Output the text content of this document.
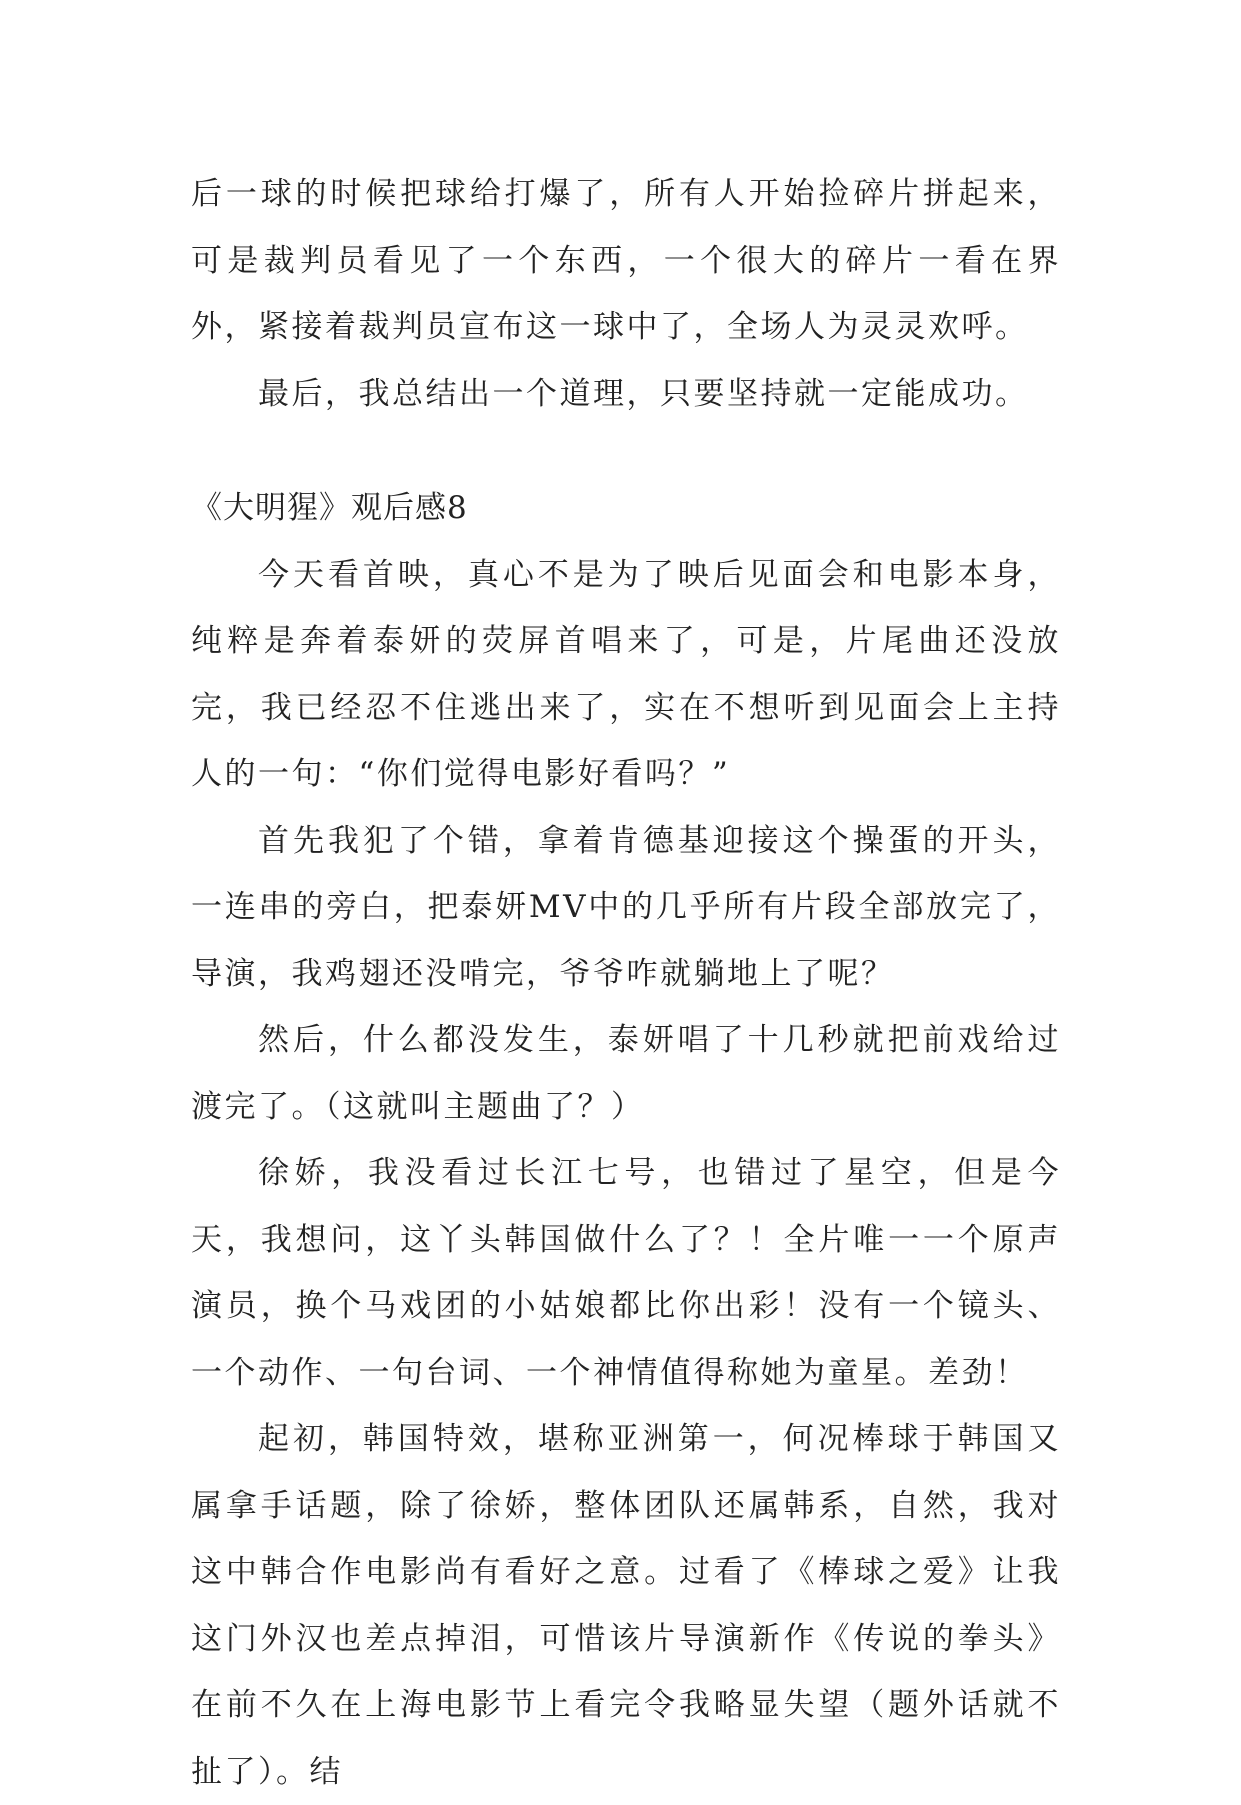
后一球的时候把球给打爆了，所有人开始捡碎片拼起来，可是裁判员看见了一个东西，一个很大的碎片一看在界外，紧接着裁判员宣布这一球中了，全场人为灵灵欢呼。

最后，我总结出一个道理，只要坚持就一定能成功。

《大明猩》观后感8

今天看首映，真心不是为了映后见面会和电影本身，纯粹是奔着泰妍的荧屏首唱来了，可是，片尾曲还没放完，我已经忍不住逃出来了，实在不想听到见面会上主持人的一句：“你们觉得电影好看吗？”

首先我犯了个错，拿着肯德基迎接这个操蛋的开头，一连串的旁白，把泰妍MV中的几乎所有片段全部放完了，导演，我鸡翅还没啃完，爷爷咋就躺地上了呢？

然后，什么都没发生，泰妍唱了十几秒就把前戏给过渡完了。（这就叫主题曲了？）

徐娇，我没看过长江七号，也错过了星空，但是今天，我想问，这丫头韩国做什么了？！全片唯一一个原声演员，换个马戏团的小姑娘都比你出彩！没有一个镜头、一个动作、一句台词、一个神情值得称她为童星。差劲！

起初，韩国特效，堪称亚洲第一，何况棒球于韩国又属拿手话题，除了徐娇，整体团队还属韩系，自然，我对这中韩合作电影尚有看好之意。过看了《棒球之爱》让我这门外汉也差点掉泪，可惜该片导演新作《传说的拳头》在前不久在上海电影节上看完令我略显失望（题外话就不扯了）。结
